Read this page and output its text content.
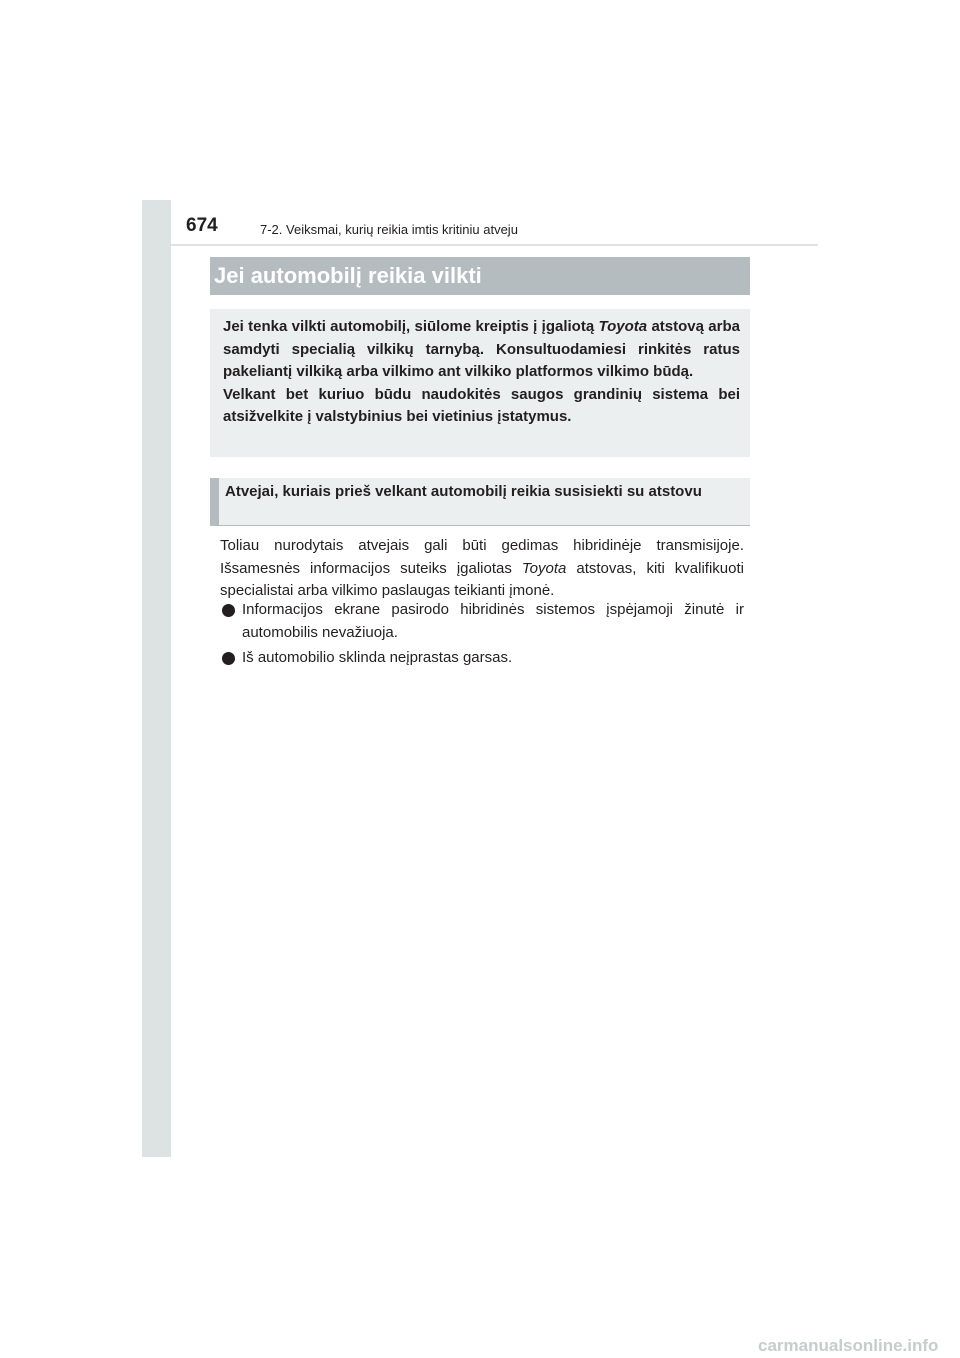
674	7-2. Veiksmai, kurių reikia imtis kritiniu atveju
Jei automobilį reikia vilkti

Jei tenka vilkti automobilį, siūlome kreiptis į įgaliotą Toyota atstovą arba samdyti specialią vilkikų tarnybą. Konsultuodamiesi rinkitės ratus pakeliantį vilkiką arba vilkimo ant vilkiko platformos vilkimo būdą.

Velkant bet kuriuo būdu naudokitės saugos grandinių sistema bei atsižvelkite į valstybinius bei vietinius įstatymus.

Atvejai, kuriais prieš velkant automobilį reikia susisiekti su atstovu

Toliau nurodytais atvejais gali būti gedimas hibridinėje transmisijoje. Išsamesnės informacijos suteiks įgaliotas Toyota atstovas, kiti kvalifikuoti specialistai arba vilkimo paslaugas teikianti įmonė.

Informacijos ekrane pasirodo hibridinės sistemos įspėjamoji žinutė ir automobilis nevažiuoja.
Iš automobilio sklinda neįprastas garsas.
carmanualsonline.info
